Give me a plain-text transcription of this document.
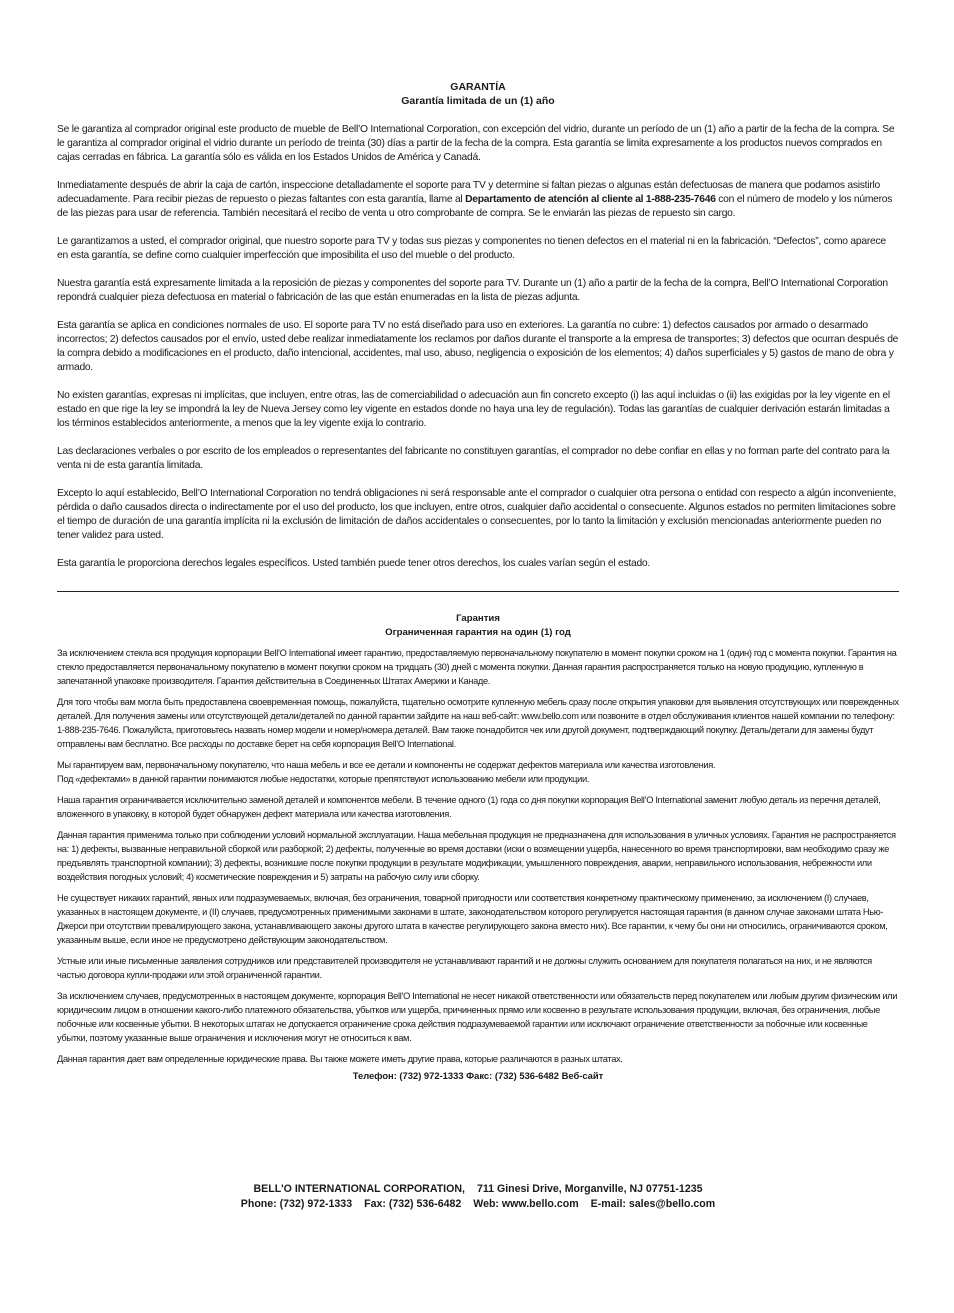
GARANTÍA
Garantía limitada de un (1) año

Se le garantiza al comprador original este producto de mueble de Bell’O International Corporation, con excepción del vidrio, durante un período de un (1) año a partir de la fecha de la compra. Se le garantiza al comprador original el vidrio durante un período de treinta (30) días a partir de la fecha de la compra. Esta garantía se limita expresamente a los productos nuevos comprados en cajas cerradas en fábrica. La garantía sólo es válida en los Estados Unidos de América y Canadá.

Inmediatamente después de abrir la caja de cartón, inspeccione detalladamente el soporte para TV y determine si faltan piezas o algunas están defectuosas de manera que podamos asistirlo adecuadamente. Para recibir piezas de repuesto o piezas faltantes con esta garantía, llame al Departamento de atención al cliente al 1-888-235-7646 con el número de modelo y los números de las piezas para usar de referencia. También necesitará el recibo de venta u otro comprobante de compra. Se le enviarán las piezas de repuesto sin cargo.

Le garantizamos a usted, el comprador original, que nuestro soporte para TV y todas sus piezas y componentes no tienen defectos en el material ni en la fabricación. “Defectos”, como aparece en esta garantía, se define como cualquier imperfección que imposibilita el uso del mueble o del producto.

Nuestra garantía está expresamente limitada a la reposición de piezas y componentes del soporte para TV. Durante un (1) año a partir de la fecha de la compra, Bell’O International Corporation repondrá cualquier pieza defectuosa en material o fabricación de las que están enumeradas en la lista de piezas adjunta.

Esta garantía se aplica en condiciones normales de uso. El soporte para TV no está diseñado para uso en exteriores. La garantía no cubre: 1) defectos causados por armado o desarmado incorrectos; 2) defectos causados por el envío, usted debe realizar inmediatamente los reclamos por daños durante el transporte a la empresa de transportes; 3) defectos que ocurran después de la compra debido a modificaciones en el producto, daño intencional, accidentes, mal uso, abuso, negligencia o exposición de los elementos; 4) daños superficiales y 5) gastos de mano de obra y armado.

No existen garantías, expresas ni implícitas, que incluyen, entre otras, las de comerciabilidad o adecuación aun fin concreto excepto (i) las aquí incluidas o (ii) las exigidas por la ley vigente en el estado en que rige la ley se impondrá la ley de Nueva Jersey como ley vigente en estados donde no haya una ley de regulación). Todas las garantías de cualquier derivación estarán limitadas a los términos establecidos anteriormente, a menos que la ley vigente exija lo contrario.

Las declaraciones verbales o por escrito de los empleados o representantes del fabricante no constituyen garantías, el comprador no debe confiar en ellas y no forman parte del contrato para la venta ni de esta garantía limitada.

Excepto lo aquí establecido, Bell’O International Corporation no tendrá obligaciones ni será responsable ante el comprador o cualquier otra persona o entidad con respecto a algún inconveniente, pérdida o daño causados directa o indirectamente por el uso del producto, los que incluyen, entre otros, cualquier daño accidental o consecuente. Algunos estados no permiten limitaciones sobre el tiempo de duración de una garantía implícita ni la exclusión de limitación de daños accidentales o consecuentes, por lo tanto la limitación y exclusión mencionadas anteriormente pueden no tener validez para usted.

Esta garantía le proporciona derechos legales específicos. Usted también puede tener otros derechos, los cuales varían según el estado.

Гарантия
Ограниченная гарантия на один (1) год

За исключением стекла вся продукция корпорации Bell’O International имеет гарантию, предоставляемую первоначальному покупателю в момент покупки сроком на 1 (один) год с момента покупки. Гарантия на стекло предоставляется первоначальному покупателю в момент покупки сроком на тридцать (30) дней с момента покупки. Данная гарантия распространяется только на новую продукцию, купленную в запечатанной упаковке производителя. Гарантия действительна в Соединенных Штатах Америки и Канаде.

Для того чтобы вам могла быть предоставлена своевременная помощь, пожалуйста, тщательно осмотрите купленную мебель сразу после открытия упаковки для выявления отсутствующих или поврежденных деталей. Для получения замены или отсутствующей детали/деталей по данной гарантии зайдите на наш веб-сайт: www.bello.com или позвоните в отдел обслуживания клиентов нашей компании по телефону: 1-888-235-7646. Пожалуйста, приготовьтесь назвать номер модели и номер/номера деталей. Вам также понадобится чек или другой документ, подтверждающий покупку. Деталь/детали для замены будут отправлены вам бесплатно. Все расходы по доставке берет на себя корпорация Bell’O International.

Мы гарантируем вам, первоначальному покупателю, что наша мебель и все ее детали и компоненты не содержат дефектов материала или качества изготовления.
Под «дефектами» в данной гарантии понимаются любые недостатки, которые препятствуют использованию мебели или продукции.

Наша гарантия ограничивается исключительно заменой деталей и компонентов мебели. В течение одного (1) года со дня покупки корпорация Bell’O International заменит любую деталь из перечня деталей, вложенного в упаковку, в которой будет обнаружен дефект материала или качества изготовления.

Данная гарантия применима только при соблюдении условий нормальной эксплуатации. Наша мебельная продукция не предназначена для использования в уличных условиях. Гарантия не распространяется на: 1) дефекты, вызванные неправильной сборкой или разборкой; 2) дефекты, полученные во время доставки (иски о возмещении ущерба, нанесенного во время транспортировки, вам необходимо сразу же предъявлять транспортной компании); 3) дефекты, возникшие после покупки продукции в результате модификации, умышленного повреждения, аварии, неправильного использования, небрежности или воздействия погодных условий; 4) косметические повреждения и 5) затраты на рабочую силу или сборку.

Не существует никаких гарантий, явных или подразумеваемых, включая, без ограничения, товарной пригодности или соответствия конкретному практическому применению, за исключением (I) случаев, указанных в настоящем документе, и (II) случаев, предусмотренных применимыми законами в штате, законодательством которого регулируется настоящая гарантия (в данном случае законами штата Нью-Джерси при отсутствии превалирующего закона, устанавливающего законы другого штата в качестве регулирующего закона вместо них). Все гарантии, к чему бы они ни относились, ограничиваются сроком, указанным выше, если иное не предусмотрено действующим законодательством.

Устные или иные письменные заявления сотрудников или представителей производителя не устанавливают гарантий и не должны служить основанием для покупателя полагаться на них, и не являются частью договора купли-продажи или этой ограниченной гарантии.

За исключением случаев, предусмотренных в настоящем документе, корпорация Bell’O International не несет никакой ответственности или обязательств перед покупателем или любым другим физическим или юридическим лицом в отношении какого-либо платежного обязательства, убытков или ущерба, причиненных прямо или косвенно в результате использования продукции, включая, без ограничения, любые побочные или косвенные убытки. В некоторых штатах не допускается ограничение срока действия подразумеваемой гарантии или исключают ограничение ответственности за побочные или косвенные убытки, поэтому указанные выше ограничения и исключения могут не относиться к вам.

Данная гарантия дает вам определенные юридические права. Вы также можете иметь другие права, которые различаются в разных штатах.

Телефон: (732) 972-1333 Факс: (732) 536-6482 Веб-сайт
BELL'O INTERNATIONAL CORPORATION, 711 Ginesi Drive, Morganville, NJ 07751-1235
Phone: (732) 972-1333 Fax: (732) 536-6482 Web: www.bello.com E-mail: sales@bello.com
